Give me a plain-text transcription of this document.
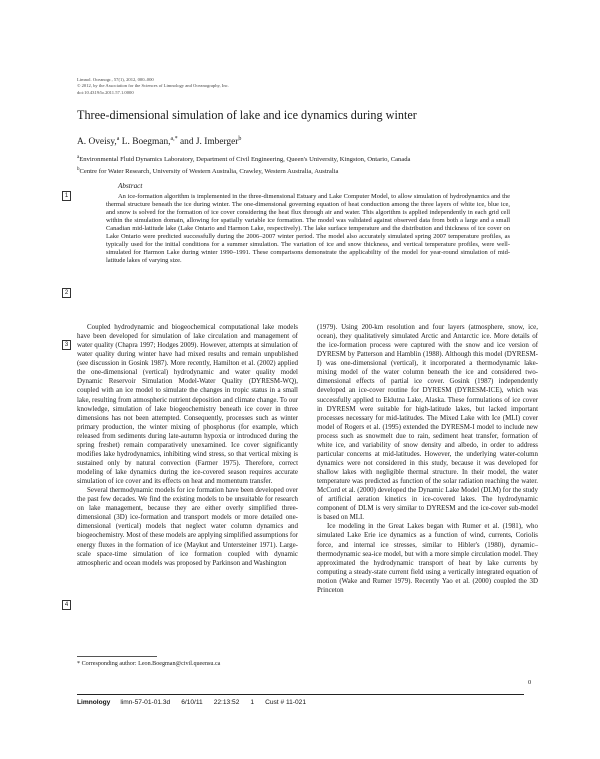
Limnol. Oceanogr., 57(1), 2012, 000–000
© 2012, by the Association for the Sciences of Limnology and Oceanography, Inc.
doi:10.4319/lo.2011.57.1.0000
Three-dimensional simulation of lake and ice dynamics during winter
A. Oveisy,$^a$ L. Boegman,$^{a,*}$ and J. Imberger$^b$

$^a$Environmental Fluid Dynamics Laboratory, Department of Civil Engineering, Queen's University, Kingston, Ontario, Canada

$^b$Centre for Water Research, University of Western Australia, Crawley, Western Australia, Australia

1
2
3
4
Abstract

An ice-formation algorithm is implemented in the three-dimensional Estuary and Lake Computer Model, to allow simulation of hydrodynamics and the thermal structure beneath the ice during winter. The one-dimensional governing equation of heat conduction among the three layers of white ice, blue ice, and snow is solved for the formation of ice cover considering the heat flux through air and water. This algorithm is applied independently in each grid cell within the simulation domain, allowing for spatially variable ice formation. The model was validated against observed data from both a large and a small Canadian mid-latitude lake (Lake Ontario and Harmon Lake, respectively). The lake surface temperature and the distribution and thickness of ice cover on Lake Ontario were predicted successfully during the 2006–2007 winter period. The model also accurately simulated spring 2007 temperature profiles, as typically used for the initial conditions for a summer simulation. The variation of ice and snow thickness, and vertical temperature profiles, were well-simulated for Harmon Lake during winter 1990–1991. These comparisons demonstrate the applicability of the model for year-round simulation of mid-latitude lakes of varying size.

Coupled hydrodynamic and biogeochemical computational lake models have been developed for simulation of lake circulation and management of water quality (Chapra 1997; Hodges 2009). However, attempts at simulation of water quality during winter have had mixed results and remain unpublished (see discussion in Gosink 1987). More recently, Hamilton et al. (2002) applied the one-dimensional (vertical) hydrodynamic and water quality model Dynamic Reservoir Simulation Model-Water Quality (DYRESM-WQ), coupled with an ice model to simulate the changes in tropic status in a small lake, resulting from atmospheric nutrient deposition and climate change. To our knowledge, simulation of lake biogeochemistry beneath ice cover in three dimensions has not been attempted. Consequently, processes such as winter primary production, the winter mixing of phosphorus (for example, which released from sediments during late-autumn hypoxia or introduced during the spring freshet) remain comparatively unexamined. Ice cover significantly modifies lake hydrodynamics, inhibiting wind stress, so that vertical mixing is sustained only by natural convection (Farmer 1975). Therefore, correct modeling of lake dynamics during the ice-covered season requires accurate simulation of ice cover and its effects on heat and momentum transfer.

Several thermodynamic models for ice formation have been developed over the past few decades. We find the existing models to be unsuitable for research on lake management, because they are either overly simplified three-dimensional (3D) ice-formation and transport models or more detailed one-dimensional (vertical) models that neglect water column dynamics and biogeochemistry. Most of these models are applying simplified assumptions for energy fluxes in the formation of ice (Maykut and Untersteiner 1971). Large-scale space-time simulation of ice formation coupled with dynamic atmospheric and ocean models was proposed by Parkinson and Washington

(1979). Using 200-km resolution and four layers (atmosphere, snow, ice, ocean), they qualitatively simulated Arctic and Antarctic ice. More details of the ice-formation process were captured with the snow and ice version of DYRESM by Patterson and Hamblin (1988). Although this model (DYRESM-I) was one-dimensional (vertical), it incorporated a thermodynamic lake-mixing model of the water column beneath the ice and considered two-dimensional effects of partial ice cover. Gosink (1987) independently developed an ice-cover routine for DYRESM (DYRESM-ICE), which was successfully applied to Eklutna Lake, Alaska. These formulations of ice cover in DYRESM were suitable for high-latitude lakes, but lacked important processes necessary for mid-latitudes. The Mixed Lake with Ice (MLI) cover model of Rogers et al. (1995) extended the DYRESM-I model to include new process such as snowmelt due to rain, sediment heat transfer, formation of white ice, and variability of snow density and albedo, in order to address particular concerns at mid-latitudes. However, the underlying water-column dynamics were not considered in this study, because it was developed for shallow lakes with negligible thermal structure. In their model, the water temperature was predicted as function of the solar radiation reaching the water. McCord et al. (2000) developed the Dynamic Lake Model (DLM) for the study of artificial aeration kinetics in ice-covered lakes. The hydrodynamic component of DLM is very similar to DYRESM and the ice-cover sub-model is based on MLI.

Ice modeling in the Great Lakes began with Rumer et al. (1981), who simulated Lake Erie ice dynamics as a function of wind, currents, Coriolis force, and internal ice stresses, similar to Hibler's (1980), dynamic–thermodynamic sea-ice model, but with a more simple circulation model. They approximated the hydrodynamic transport of heat by lake currents by computing a steady-state current field using a vertically integrated equation of motion (Wake and Rumer 1979). Recently Yao et al. (2000) coupled the 3D Princeton

* Corresponding author: Leon.Boegman@civil.queensu.ca
0
Limnology limn-57-01-01.3d 6/10/11 22:13:52 1 Cust # 11-021
